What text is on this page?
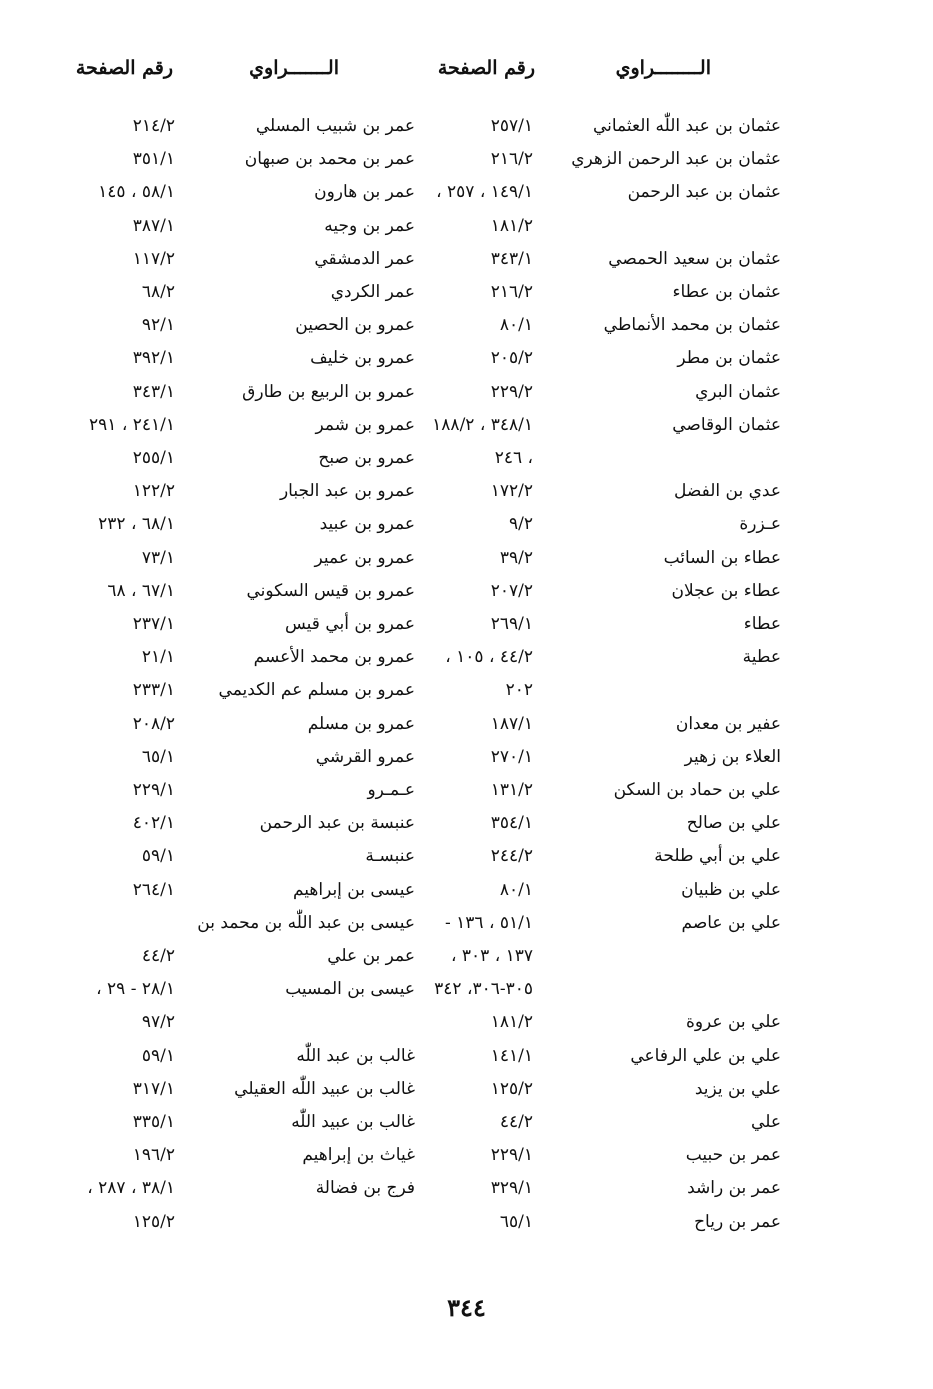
الــــــــراوي
رقم الصفحة
الـــــــراوي
رقم الصفحة
عثمان بن عبد اللّٰه العثماني
٢٥٧/١
عمر بن شبيب المسلي
٢١٤/٢
عثمان بن عبد الرحمن الزهري
٢١٦/٢
عمر بن محمد بن صبهان
٣٥١/١
عثمان بن عبد الرحمن
١٤٩/١ ، ٢٥٧ ،
عمر بن هارون
٥٨/١ ، ١٤٥
١٨١/٢
عمر بن وجيه
٣٨٧/١
عثمان بن سعيد الحمصي
٣٤٣/١
عمر الدمشقي
١١٧/٢
عثمان بن عطاء
٢١٦/٢
عمر الكردي
٦٨/٢
عثمان بن محمد الأنماطي
٨٠/١
عمرو بن الحصين
٩٢/١
عثمان بن مطر
٢٠٥/٢
عمرو بن خليف
٣٩٢/١
عثمان البري
٢٢٩/٢
عمرو بن الربيع بن طارق
٣٤٣/١
عثمان الوقاصي
٣٤٨/١ ، ١٨٨/٢
عمرو بن شمر
٢٤١/١ ، ٢٩١
، ٢٤٦
عمرو بن صبح
٢٥٥/١
عدي بن الفضل
١٧٢/٢
عمرو بن عبد الجبار
١٢٢/٢
عـزرة
٩/٢
عمرو بن عبيد
٦٨/١ ، ٢٣٢
عطاء بن السائب
٣٩/٢
عمرو بن عمير
٧٣/١
عطاء بن عجلان
٢٠٧/٢
عمرو بن قيس السكوني
٦٧/١ ، ٦٨
عطاء
٢٦٩/١
عمرو بن أبي قيس
٢٣٧/١
عطية
٤٤/٢ ، ١٠٥ ،
عمرو بن محمد الأعسم
٢١/١
٢٠٢
عمرو بن مسلم عم الكديمي
٢٣٣/١
عفير بن معدان
١٨٧/١
عمرو بن مسلم
٢٠٨/٢
العلاء بن زهير
٢٧٠/١
عمرو القرشي
٦٥/١
علي بن حماد بن السكن
١٣١/٢
عـمـرو
٢٢٩/١
علي بن صالح
٣٥٤/١
عنبسة بن عبد الرحمن
٤٠٢/١
علي بن أبي طلحة
٢٤٤/٢
عنبسـة
٥٩/١
علي بن ظبيان
٨٠/١
عيسى بن إبراهيم
٢٦٤/١
علي بن عاصم
٥١/١ ، ١٣٦ -
عيسى بن عبد اللّٰه بن محمد بن
١٣٧ ، ٣٠٣ ،
عمر بن علي
٤٤/٢
٣٠٥-٣٠٦، ٣٤٢
عيسى بن المسيب
٢٨/١ - ٢٩ ،
علي بن عروة
١٨١/٢
٩٧/٢
علي بن علي الرفاعي
١٤١/١
غالب بن عبد اللّٰه
٥٩/١
علي بن يزيد
١٢٥/٢
غالب بن عبيد اللّٰه العقيلي
٣١٧/١
علي
٤٤/٢
غالب بن عبيد اللّٰه
٣٣٥/١
عمر بن حبيب
٢٢٩/١
غياث بن إبراهيم
١٩٦/٢
عمر بن راشد
٣٢٩/١
فرج بن فضالة
٣٨/١ ، ٢٨٧ ،
عمر بن رياح
٦٥/١
١٢٥/٢
٣٤٤
